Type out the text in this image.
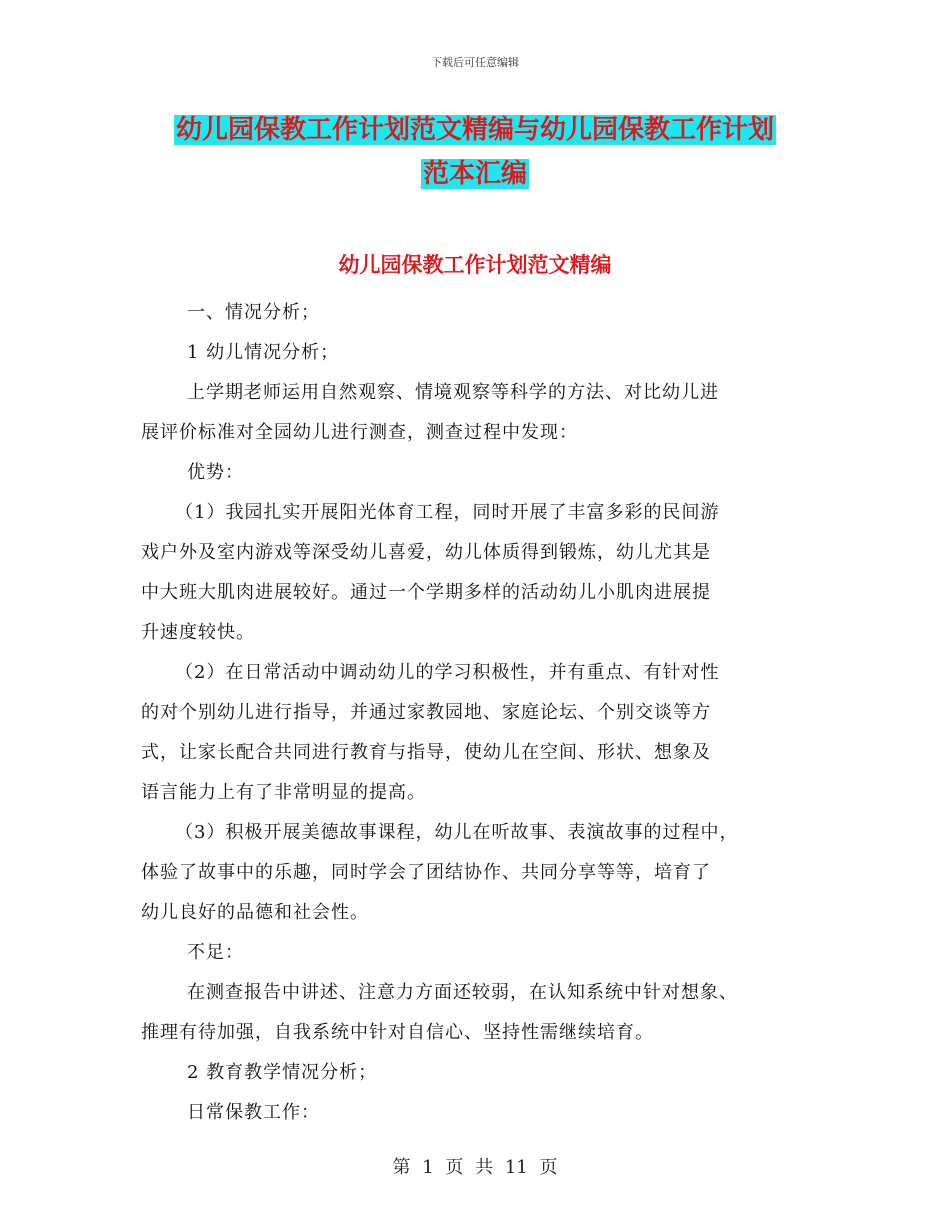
下载后可任意编辑
幼儿园保教工作计划范文精编与幼儿园保教工作计划
范本汇编
幼儿园保教工作计划范文精编

一、情况分析；

1 幼儿情况分析；

上学期老师运用自然观察、情境观察等科学的方法、对比幼儿进

展评价标准对全园幼儿进行测查，测查过程中发现：

优势：

（1）我园扎实开展阳光体育工程，同时开展了丰富多彩的民间游

戏户外及室内游戏等深受幼儿喜爱，幼儿体质得到锻炼，幼儿尤其是

中大班大肌肉进展较好。通过一个学期多样的活动幼儿小肌肉进展提

升速度较快。

（2）在日常活动中调动幼儿的学习积极性，并有重点、有针对性

的对个别幼儿进行指导，并通过家教园地、家庭论坛、个别交谈等方

式，让家长配合共同进行教育与指导，使幼儿在空间、形状、想象及

语言能力上有了非常明显的提高。

（3）积极开展美德故事课程，幼儿在听故事、表演故事的过程中，

体验了故事中的乐趣，同时学会了团结协作、共同分享等等，培育了

幼儿良好的品德和社会性。

不足：

在测查报告中讲述、注意力方面还较弱，在认知系统中针对想象、

推理有待加强，自我系统中针对自信心、坚持性需继续培育。

2 教育教学情况分析；

日常保教工作：

第 1 页 共 11 页
